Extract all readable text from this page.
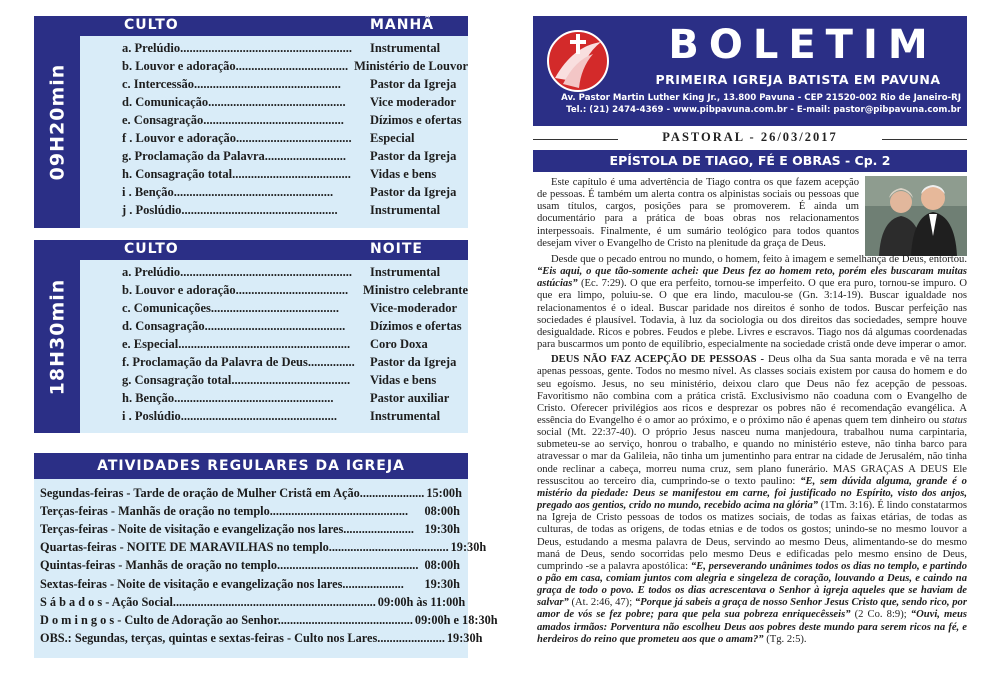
09H20min
CULTO	MANHÃ
a. Prelúdio.......................................................	Instrumental
b. Louvor e adoração.................................... Ministério de Louvor
c. Intercessão...............................................	Pastor da Igreja
d. Comunicação............................................	Vice moderador
e. Consagração.............................................	Dízimos e ofertas
f . Louvor e adoração.....................................	Especial
g. Proclamação da Palavra..........................	Pastor da Igreja
h. Consagração total......................................	Vidas e bens
i . Benção...................................................	Pastor da Igreja
j . Poslúdio..................................................	Instrumental
18H30min
CULTO	NOITE
a. Prelúdio.......................................................	Instrumental
b. Louvor e adoração....................................	Ministro celebrante
c. Comunicações.........................................	Vice-moderador
d. Consagração.............................................	Dízimos e ofertas
e. Especial.......................................................	Coro Doxa
f. Proclamação da Palavra de Deus...............	Pastor da Igreja
g. Consagração total......................................	Vidas e bens
h. Benção...................................................	Pastor auxiliar
i . Poslúdio..................................................	Instrumental
ATIVIDADES REGULARES DA IGREJA
Segundas-feiras - Tarde de oração de Mulher Cristã em Ação..................... 15:00h
Terças-feiras - Manhãs de oração no templo.............................................	08:00h
Terças-feiras - Noite de visitação e evangelização nos lares....................... 19:30h
Quartas-feiras - NOITE DE MARAVILHAS no templo....................................... 19:30h
Quintas-feiras - Manhãs de oração no templo.............................................. 08:00h
Sextas-feiras - Noite de visitação e evangelização nos lares....................	19:30h
S á b a d o s - Ação Social.................................................................. 09:00h às 11:00h
D o m i n g o s - Culto de Adoração ao Senhor............................................ 09:00h e 18:30h
OBS.: Segundas, terças, quintas e sextas-feiras - Culto nos Lares...................... 19:30h
BOLETIM
PRIMEIRA IGREJA BATISTA EM PAVUNA
Av. Pastor Martin Luther King Jr., 13.800 Pavuna - CEP 21520-002 Rio de Janeiro-RJ
Tel.: (21) 2474-4369 - www.pibpavuna.com.br - E-mail: pastor@pibpavuna.com.br
PASTORAL - 26/03/2017
EPÍSTOLA DE TIAGO, FÉ E OBRAS - Cp. 2

Este capítulo é uma advertência de Tiago contra os que fazem acepção de pessoas. É também um alerta contra os alpinistas sociais ou pessoas que usam títulos, cargos, posições para se promoverem. É ainda um documentário para a prática de boas obras nos relacionamentos interpessoais. Finalmente, é um sumário teológico para todos quantos desejam viver o Evangelho de Cristo na plenitude da graça de Deus.

Desde que o pecado entrou no mundo, o homem, feito à imagem e semelhança de Deus, entortou. “Eis aqui, o que tão-somente achei: que Deus fez ao homem reto, porém eles buscaram muitas astúcias” (Ec. 7:29). O que era perfeito, tornou-se imperfeito. O que era puro, tornou-se impuro. O que era limpo, poluiu-se. O que era lindo, maculou-se (Gn. 3:14-19). Buscar igualdade nos relacionamentos é o ideal. Buscar paridade nos direitos é sonho de todos. Buscar perfeição nas sociedades é plausível. Todavia, à luz da sociologia ou dos direitos das sociedades, sempre houve desigualdade. Ricos e pobres. Feudos e plebe. Livres e escravos. Tiago nos dá algumas coordenadas para buscarmos um ponto de equilíbrio, especialmente na sociedade cristã onde deve imperar o amor.

DEUS NÃO FAZ ACEPÇÃO DE PESSOAS - Deus olha da Sua santa morada e vê na terra apenas pessoas, gente. Todos no mesmo nível. As classes sociais existem por causa do homem e do seu egoísmo. Jesus, no seu ministério, deixou claro que Deus não fez acepção de pessoas. Favoritismo não combina com a prática cristã. Exclusivismo não coaduna com o Evangelho de Cristo. Oferecer privilégios aos ricos e desprezar os pobres não é recomendação evangélica. A essência do Evangelho é o amor ao próximo, e o próximo não é apenas quem tem dinheiro ou status social (Mt. 22:37-40). O próprio Jesus nasceu numa manjedoura, trabalhou numa carpintaria, submeteu-se ao serviço, honrou o trabalho, e quando no ministério esteve, não tinha barco para atravessar o mar da Galileia, não tinha um jumentinho para entrar na cidade de Jerusalém, não tinha onde reclinar a cabeça, morreu numa cruz, sem plano funerário. MAS GRAÇAS A DEUS Ele ressuscitou ao terceiro dia, cumprindo-se o texto paulino: “E, sem dúvida alguma, grande é o mistério da piedade: Deus se manifestou em carne, foi justificado no Espírito, visto dos anjos, pregado aos gentios, crido no mundo, recebido acima na glória” (1Tm. 3:16). É lindo constatarmos na Igreja de Cristo pessoas de todos os matizes sociais, de todas as faixas etárias, de todas as culturas, de todas as origens, de todas etnias e de todos os gostos; unindo-se no mesmo louvor a Deus, estudando a mesma palavra de Deus, servindo ao mesmo Deus, alimentando-se do mesmo maná de Deus, sendo socorridas pelo mesmo Deus e edificadas pelo mesmo ensino de Deus, cumprindo -se a palavra apostólica: “E, perseverando unânimes todos os dias no templo, e partindo o pão em casa, comiam juntos com alegria e singeleza de coração, louvando a Deus, e caindo na graça de todo o povo. E todos os dias acrescentava o Senhor à igreja aqueles que se haviam de salvar” (At. 2:46, 47); “Porque já sabeis a graça de nosso Senhor Jesus Cristo que, sendo rico, por amor de vós se fez pobre; para que pela sua pobreza enriquecêsseis” (2 Co. 8:9); “Ouvi, meus amados irmãos: Porventura não escolheu Deus aos pobres deste mundo para serem ricos na fé, e herdeiros do reino que prometeu aos que o amam?” (Tg. 2:5).
